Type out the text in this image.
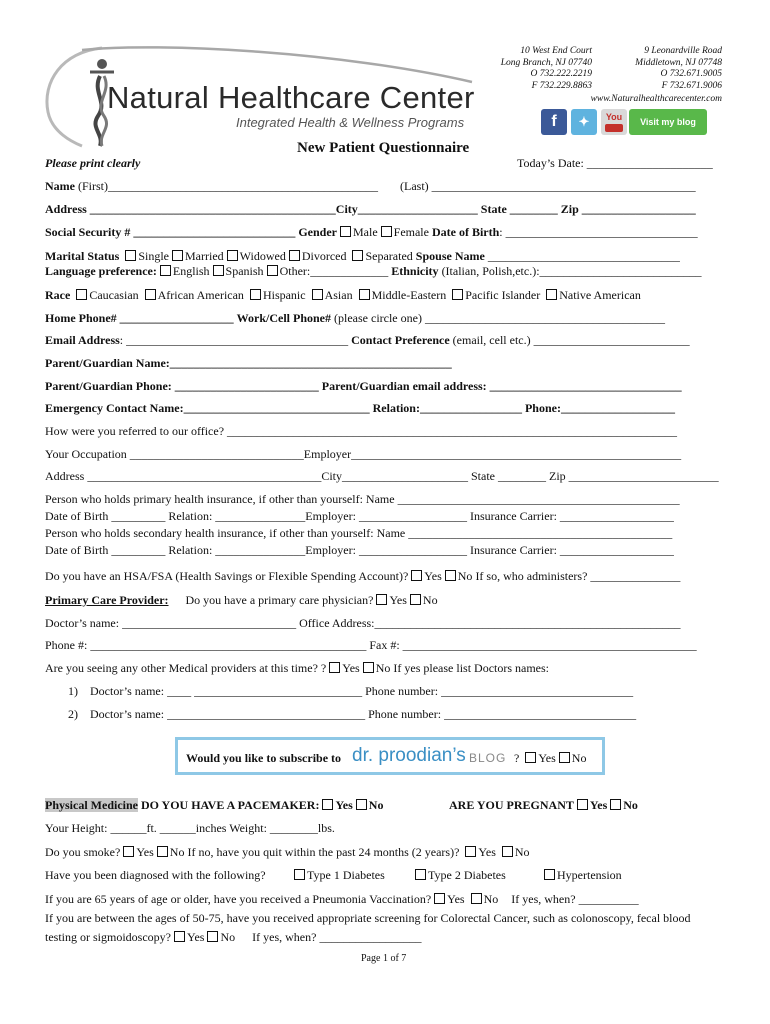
Natural Healthcare Center
Integrated Health & Wellness Programs
10 West End Court
Long Branch, NJ 07740
O 732.222.2219
F 732.229.8863
9 Leonardville Road
Middletown, NJ 07748
O 732.671.9005
F 732.671.9006
www.Naturalhealthcarecenter.com
f	✦	You	Visit my blog
New Patient Questionnaire
Please print clearly	Today’s Date: _____________________
Name (First)_____________________________________________ (Last) ____________________________________________
Address _________________________________________City____________________ State ________ Zip ___________________
Social Security # ___________________________ Gender Male Female Date of Birth: ________________________________
Marital Status Single Married Widowed Divorced Separated Spouse Name ________________________________
Language preference: English Spanish Other:_____________ Ethnicity (Italian, Polish,etc.):___________________________
Race Caucasian African American Hispanic Asian Middle-Eastern Pacific Islander Native American
Home Phone# ___________________ Work/Cell Phone# (please circle one) ________________________________________
Email Address: _____________________________________ Contact Preference (email, cell etc.) __________________________
Parent/Guardian Name:_______________________________________________
Parent/Guardian Phone: ________________________ Parent/Guardian email address: ________________________________
Emergency Contact Name:_______________________________ Relation:_________________ Phone:___________________
How were you referred to our office? ___________________________________________________________________________
Your Occupation _____________________________Employer_______________________________________________________
Address _______________________________________City_____________________ State ________ Zip _________________________
Person who holds primary health insurance, if other than yourself: Name _______________________________________________
Date of Birth _________ Relation: _______________Employer: __________________ Insurance Carrier: ___________________
Person who holds secondary health insurance, if other than yourself: Name ____________________________________________
Date of Birth _________ Relation: _______________Employer: __________________ Insurance Carrier: ___________________
Do you have an HSA/FSA (Health Savings or Flexible Spending Account)? Yes No If so, who administers? _______________
Primary Care Provider: Do you have a primary care physician? Yes No
Doctor’s name: _____________________________ Office Address:___________________________________________________
Phone #: ______________________________________________ Fax #: _________________________________________________
Are you seeing any other Medical providers at this time? ? Yes No If yes please list Doctors names:
1) Doctor’s name: ____ ____________________________ Phone number: ________________________________
2) Doctor’s name: _________________________________ Phone number: ________________________________
Would you like to subscribe to dr. proodian’s BLOG ? Yes No
Physical Medicine DO YOU HAVE A PACEMAKER: Yes No	ARE YOU PREGNANT Yes No
Your Height: ______ft. ______inches Weight: ________lbs.
Do you smoke? Yes No If no, have you quit within the past 24 months (2 years)? Yes No
Have you been diagnosed with the following?	Type 1 Diabetes	Type 2 Diabetes	Hypertension
If you are 65 years of age or older, have you received a Pneumonia Vaccination? Yes No If yes, when? __________
If you are between the ages of 50-75, have you received appropriate screening for Colorectal Cancer, such as colonoscopy, fecal blood
testing or sigmoidoscopy? Yes No If yes, when? _________________
Page 1 of 7
